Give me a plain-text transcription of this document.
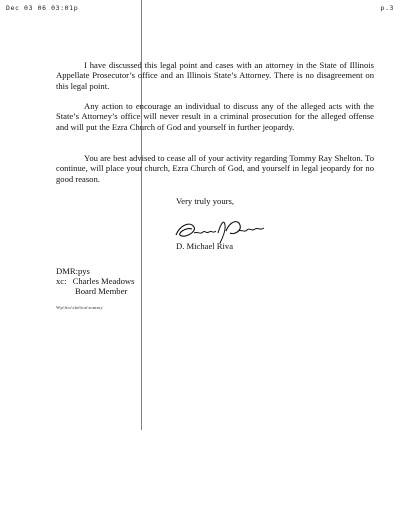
Dec 03 06 03:01p	p.3

I have discussed this legal point and cases with an attorney in the State of Illinois Appellate Prosecutor’s office and an Illinois State’s Attorney. There is no disagreement on this legal point.

Any action to encourage an individual to discuss any of the alleged acts with the State’s Attorney’s office will never result in a criminal prosecution for the alleged offense and will put the Ezra Church of God and yourself in further jeopardy.

You are best advised to cease all of your activity regarding Tommy Ray Shelton. To continue, will place your church, Ezra Church of God, and yourself in legal jeopardy for no good reason.

Very truly yours,
D. Michael Riva
DMR:pys
xc: Charles Meadows
Board Member
Wp\ltrs\shelton\tommy
